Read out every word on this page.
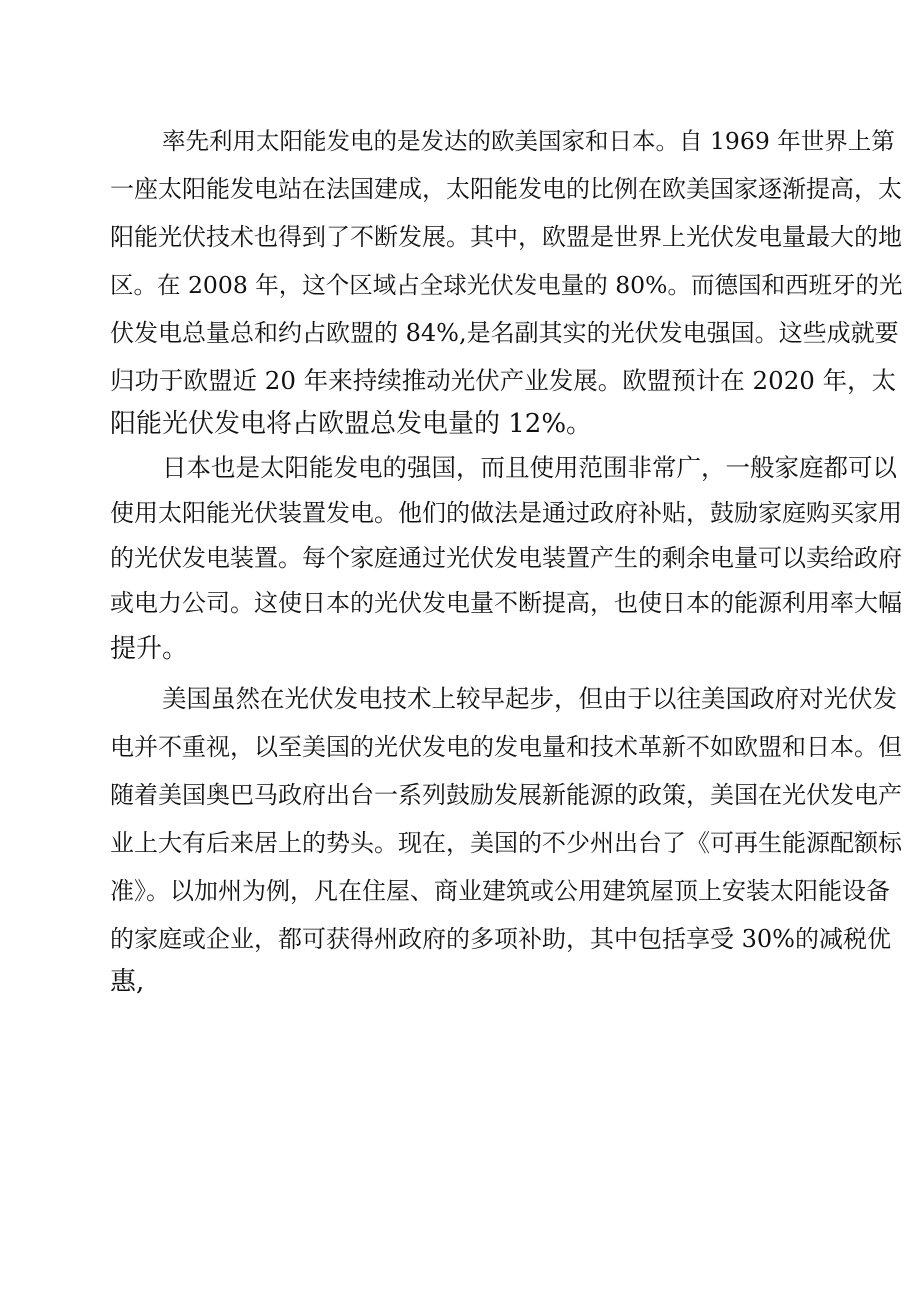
率先利用太阳能发电的是发达的欧美国家和日本。自 1969 年世界上第
一座太阳能发电站在法国建成，太阳能发电的比例在欧美国家逐渐提高，太
阳能光伏技术也得到了不断发展。其中，欧盟是世界上光伏发电量最大的地
区。在 2008 年，这个区域占全球光伏发电量的 80%。而德国和西班牙的光
伏发电总量总和约占欧盟的 84%,是名副其实的光伏发电强国。这些成就要
归功于欧盟近 20 年来持续推动光伏产业发展。欧盟预计在 2020 年，太
阳能光伏发电将占欧盟总发电量的 12%。
日本也是太阳能发电的强国，而且使用范围非常广，一般家庭都可以
使用太阳能光伏装置发电。他们的做法是通过政府补贴，鼓励家庭购买家用
的光伏发电装置。每个家庭通过光伏发电装置产生的剩余电量可以卖给政府
或电力公司。这使日本的光伏发电量不断提高，也使日本的能源利用率大幅
提升。
美国虽然在光伏发电技术上较早起步，但由于以往美国政府对光伏发
电并不重视，以至美国的光伏发电的发电量和技术革新不如欧盟和日本。但
随着美国奥巴马政府出台一系列鼓励发展新能源的政策，美国在光伏发电产
业上大有后来居上的势头。现在，美国的不少州出台了《可再生能源配额标
准》。以加州为例，凡在住屋、商业建筑或公用建筑屋顶上安装太阳能设备
的家庭或企业，都可获得州政府的多项补助，其中包括享受 30%的减税优
惠,
